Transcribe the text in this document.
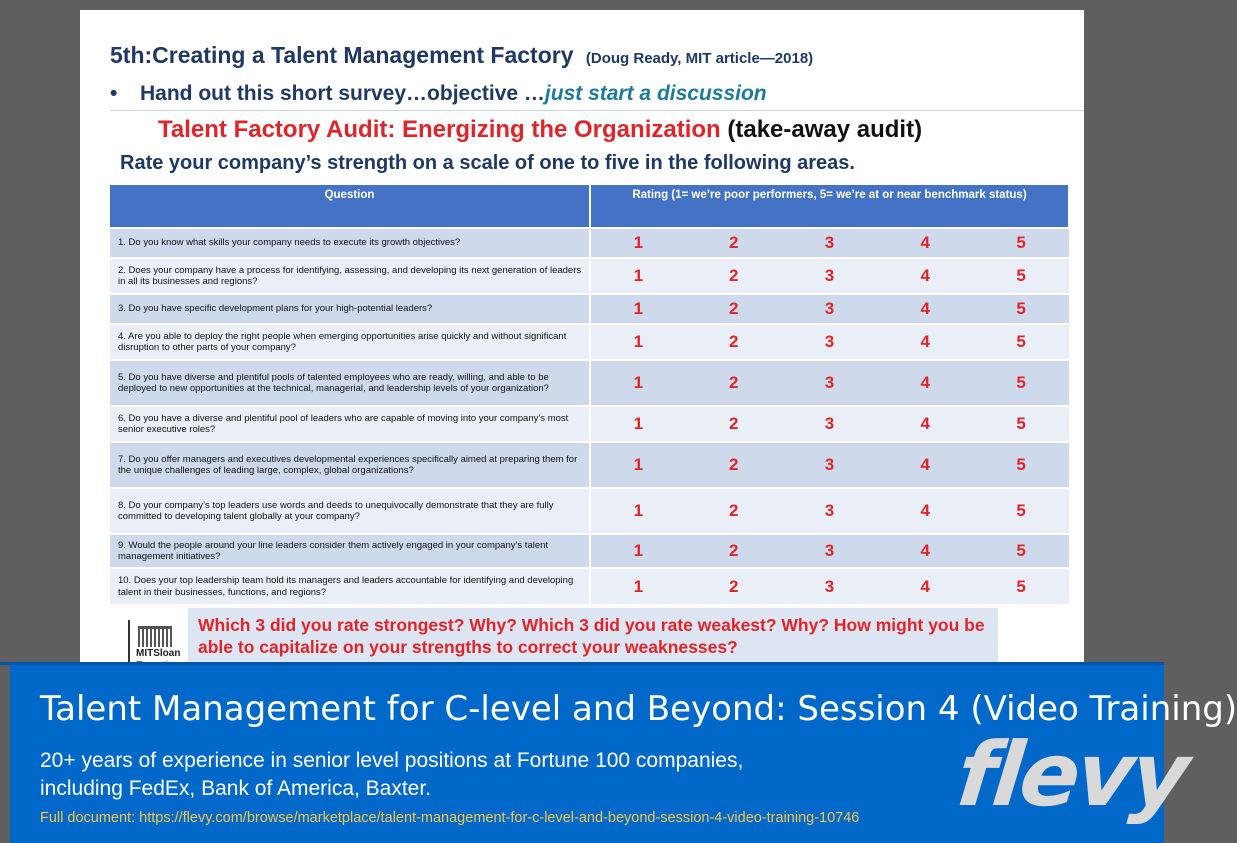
5th:Creating a Talent Management Factory (Doug Ready, MIT article—2018)
• Hand out this short survey…objective …just start a discussion
Talent Factory Audit: Energizing the Organization (take-away audit)
Rate your company’s strength on a scale of one to five in the following areas.
Question	Rating (1= we’re poor performers, 5= we’re at or near benchmark status)				
1. Do you know what skills your company needs to execute its growth objectives?	1	2	3	4	5
2. Does your company have a process for identifying, assessing, and developing its next generation of leaders in all its businesses and regions?	1	2	3	4	5
3. Do you have specific development plans for your high-potential leaders?	1	2	3	4	5
4. Are you able to deploy the right people when emerging opportunities arise quickly and without significant disruption to other parts of your company?	1	2	3	4	5
5. Do you have diverse and plentiful pools of talented employees who are ready, willing, and able to be deployed to new opportunities at the technical, managerial, and leadership levels of your organization?	1	2	3	4	5
6. Do you have a diverse and plentiful pool of leaders who are capable of moving into your company’s most senior executive roles?	1	2	3	4	5
7. Do you offer managers and executives developmental experiences specifically aimed at preparing them for the unique challenges of leading large, complex, global organizations?	1	2	3	4	5
8. Do your company’s top leaders use words and deeds to unequivocally demonstrate that they are fully committed to developing talent globally at your company?	1	2	3	4	5
9. Would the people around your line leaders consider them actively engaged in your company’s talent management initiatives?	1	2	3	4	5
10. Does your top leadership team hold its managers and leaders accountable for identifying and developing talent in their businesses, functions, and regions?	1	2	3	4	5
MITSloan
Which 3 did you rate strongest? Why? Which 3 did you rate weakest? Why? How might you be able to capitalize on your strengths to correct your weaknesses?
Talent Management for C-level and Beyond: Session 4 (Video Training)
20+ years of experience in senior level positions at Fortune 100 companies, including FedEx, Bank of America, Baxter.
Full document: https://flevy.com/browse/marketplace/talent-management-for-c-level-and-beyond-session-4-video-training-10746 flevy
